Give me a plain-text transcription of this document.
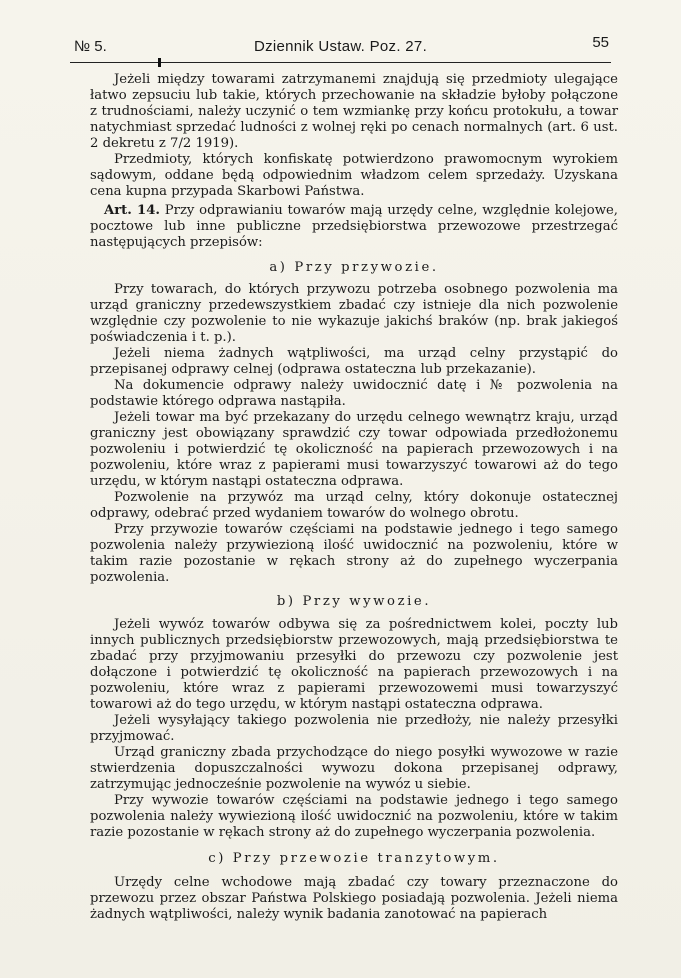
№ 5.	Dziennik Ustaw. Poz. 27.	55

Jeżeli między towarami zatrzymanemi znajdują się przedmioty ulegające łatwo zepsuciu lub takie, których przechowanie na składzie byłoby połączone z trudnościami, należy uczynić o tem wzmiankę przy końcu protokułu, a towar natychmiast sprzedać ludności z wolnej ręki po cenach normalnych (art. 6 ust. 2 dekretu z 7/2 1919).

Przedmioty, których konfiskatę potwierdzono prawomocnym wyrokiem sądowym, oddane będą odpowiednim władzom celem sprzedaży. Uzyskana cena kupna przypada Skarbowi Państwa.

Art. 14. Przy odprawianiu towarów mają urzędy celne, względnie kolejowe, pocztowe lub inne publiczne przedsiębiorstwa przewozowe przestrzegać następujących przepisów:

a) Przy przywozie.

Przy towarach, do których przywozu potrzeba osobnego pozwolenia ma urząd graniczny przedewszystkiem zbadać czy istnieje dla nich pozwolenie względnie czy pozwolenie to nie wykazuje jakichś braków (np. brak jakiegoś poświadczenia i t. p.).

Jeżeli niema żadnych wątpliwości, ma urząd celny przystąpić do przepisanej odprawy celnej (odprawa ostateczna lub przekazanie).

Na dokumencie odprawy należy uwidocznić datę i № pozwolenia na podstawie którego odprawa nastąpiła.

Jeżeli towar ma być przekazany do urzędu celnego wewnątrz kraju, urząd graniczny jest obowiązany sprawdzić czy towar odpowiada przedłożonemu pozwoleniu i potwierdzić tę okoliczność na papierach przewozowych i na pozwoleniu, które wraz z papierami musi towarzyszyć towarowi aż do tego urzędu, w którym nastąpi ostateczna odprawa.

Pozwolenie na przywóz ma urząd celny, który dokonuje ostatecznej odprawy, odebrać przed wydaniem towarów do wolnego obrotu.

Przy przywozie towarów częściami na podstawie jednego i tego samego pozwolenia należy przywiezioną ilość uwidocznić na pozwoleniu, które w takim razie pozostanie w rękach strony aż do zupełnego wyczerpania pozwolenia.

b) Przy wywozie.

Jeżeli wywóz towarów odbywa się za pośrednictwem kolei, poczty lub innych publicznych przedsiębiorstw przewozowych, mają przedsiębiorstwa te zbadać przy przyjmowaniu przesyłki do przewozu czy pozwolenie jest dołączone i potwierdzić tę okoliczność na papierach przewozowych i na pozwoleniu, które wraz z papierami przewozowemi musi towarzyszyć towarowi aż do tego urzędu, w którym nastąpi ostateczna odprawa.

Jeżeli wysyłający takiego pozwolenia nie przedłoży, nie należy przesyłki przyjmować.

Urząd graniczny zbada przychodzące do niego posyłki wywozowe w razie stwierdzenia dopuszczalności wywozu dokona przepisanej odprawy, zatrzymując jednocześnie pozwolenie na wywóz u siebie.

Przy wywozie towarów częściami na podstawie jednego i tego samego pozwolenia należy wywiezioną ilość uwidocznić na pozwoleniu, które w takim razie pozostanie w rękach strony aż do zupełnego wyczerpania pozwolenia.

c) Przy przewozie tranzytowym.

Urzędy celne wchodowe mają zbadać czy towary przeznaczone do przewozu przez obszar Państwa Polskiego posiadają pozwolenia. Jeżeli niema żadnych wątpliwości, należy wynik badania zanotować na papierach
